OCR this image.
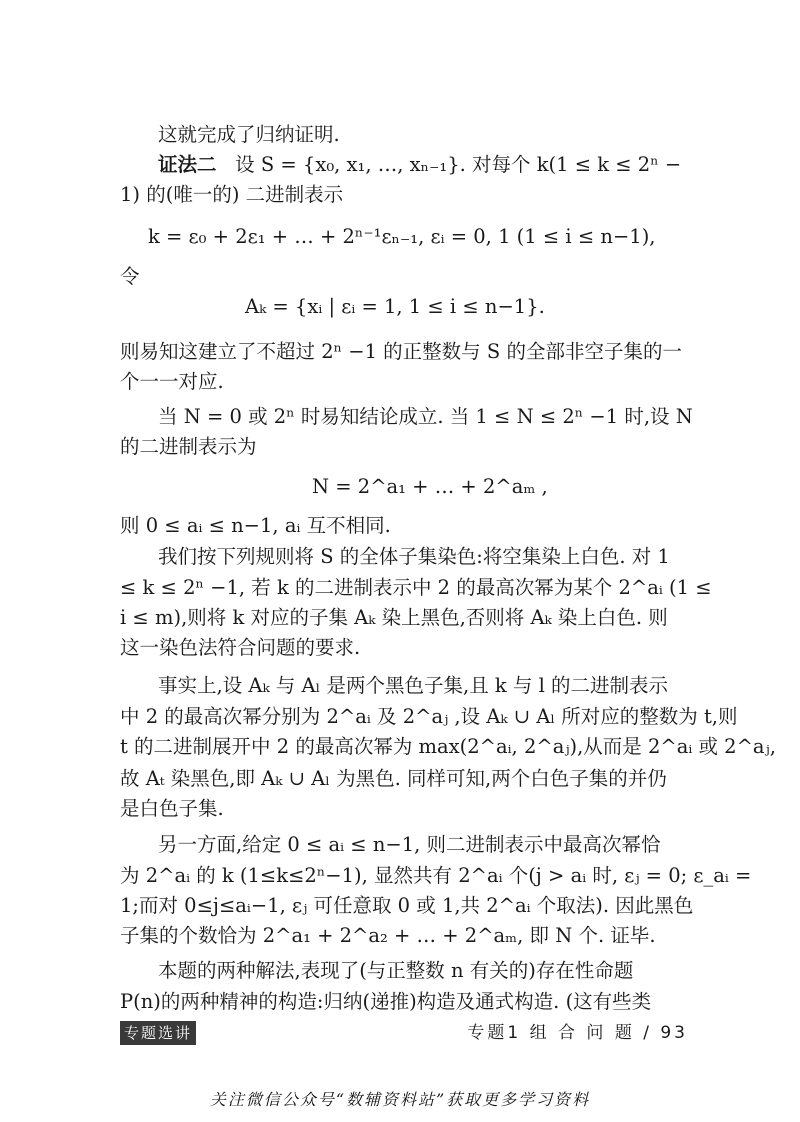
这就完成了归纳证明.
证法二 设 S = {x₀, x₁, …, xₙ₋₁}. 对每个 k(1 ≤ k ≤ 2ⁿ −
1) 的(唯一的) 二进制表示
k = ε₀ + 2ε₁ + … + 2ⁿ⁻¹εₙ₋₁, εᵢ = 0, 1 (1 ≤ i ≤ n−1),
令
Aₖ = {xᵢ | εᵢ = 1, 1 ≤ i ≤ n−1}.
则易知这建立了不超过 2ⁿ −1 的正整数与 S 的全部非空子集的一
个一一对应.
当 N = 0 或 2ⁿ 时易知结论成立. 当 1 ≤ N ≤ 2ⁿ −1 时,设 N
的二进制表示为
N = 2^a₁ + … + 2^aₘ ,
则 0 ≤ aᵢ ≤ n−1, aᵢ 互不相同.
我们按下列规则将 S 的全体子集染色:将空集染上白色. 对 1
≤ k ≤ 2ⁿ −1, 若 k 的二进制表示中 2 的最高次幂为某个 2^aᵢ (1 ≤
i ≤ m),则将 k 对应的子集 Aₖ 染上黑色,否则将 Aₖ 染上白色. 则
这一染色法符合问题的要求.
事实上,设 Aₖ 与 Aₗ 是两个黑色子集,且 k 与 l 的二进制表示
中 2 的最高次幂分别为 2^aᵢ 及 2^aⱼ ,设 Aₖ ∪ Aₗ 所对应的整数为 t,则
t 的二进制展开中 2 的最高次幂为 max(2^aᵢ, 2^aⱼ),从而是 2^aᵢ 或 2^aⱼ,
故 Aₜ 染黑色,即 Aₖ ∪ Aₗ 为黑色. 同样可知,两个白色子集的并仍
是白色子集.
另一方面,给定 0 ≤ aᵢ ≤ n−1, 则二进制表示中最高次幂恰
为 2^aᵢ 的 k (1≤k≤2ⁿ−1), 显然共有 2^aᵢ 个(j > aᵢ 时, εⱼ = 0; ε_aᵢ =
1;而对 0≤j≤aᵢ−1, εⱼ 可任意取 0 或 1,共 2^aᵢ 个取法). 因此黑色
子集的个数恰为 2^a₁ + 2^a₂ + … + 2^aₘ, 即 N 个. 证毕.
本题的两种解法,表现了(与正整数 n 有关的)存在性命题
P(n)的两种精神的构造:归纳(递推)构造及通式构造. (这有些类
专题选讲	专题1 组 合 问 题 / 93
关注微信公众号“数辅资料站”获取更多学习资料
